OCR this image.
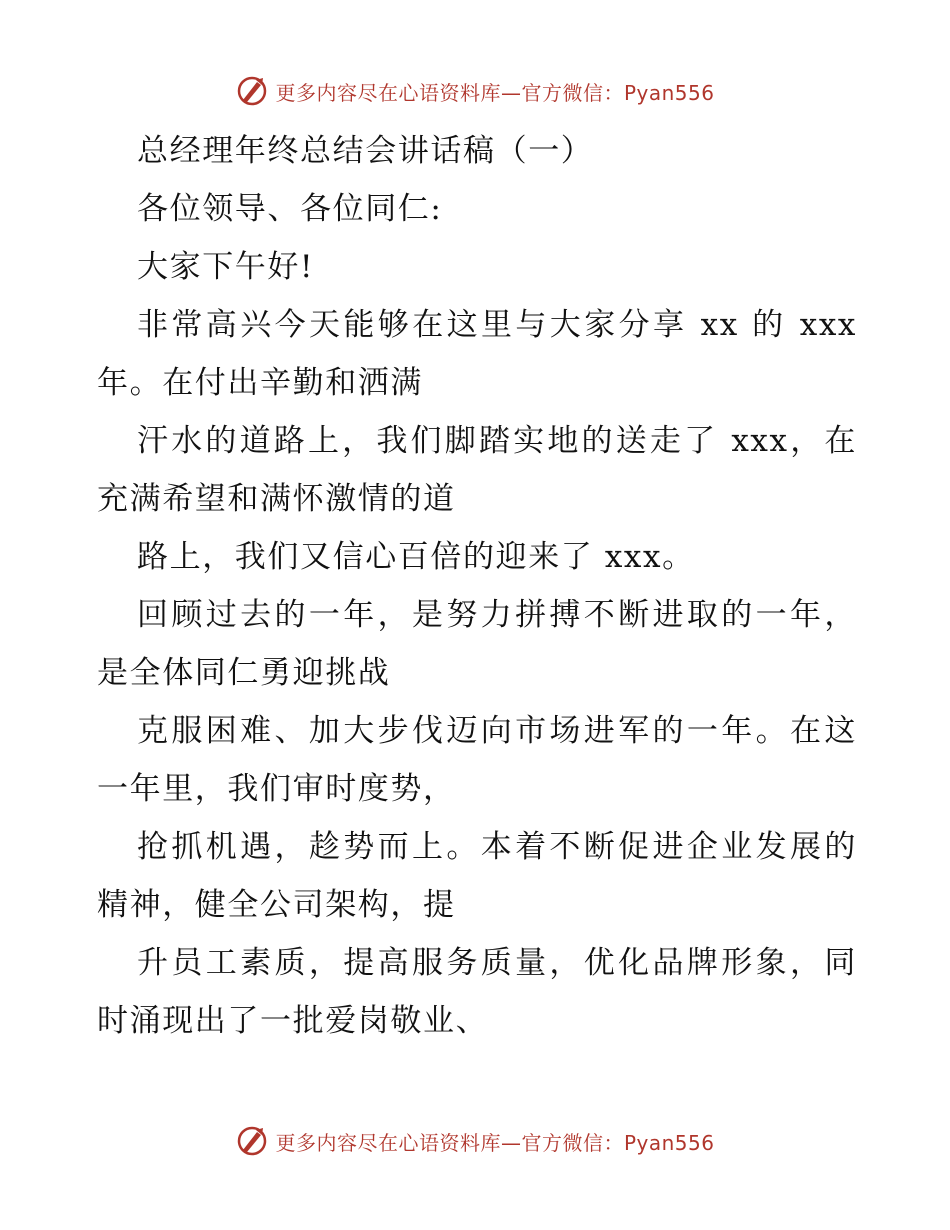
更多内容尽在心语资料库—官方微信：Pyan556
总经理年终总结会讲话稿（一）
各位领导、各位同仁:
大家下午好!
非常高兴今天能够在这里与大家分享 xx 的 xxx
年。在付出辛勤和洒满
汗水的道路上，我们脚踏实地的送走了 xxx，在
充满希望和满怀激情的道
路上，我们又信心百倍的迎来了 xxx。
回顾过去的一年，是努力拼搏不断进取的一年，
是全体同仁勇迎挑战
克服困难、加大步伐迈向市场进军的一年。在这
一年里，我们审时度势，
抢抓机遇，趁势而上。本着不断促进企业发展的
精神，健全公司架构，提
升员工素质，提高服务质量，优化品牌形象，同
时涌现出了一批爱岗敬业、
更多内容尽在心语资料库—官方微信：Pyan556
